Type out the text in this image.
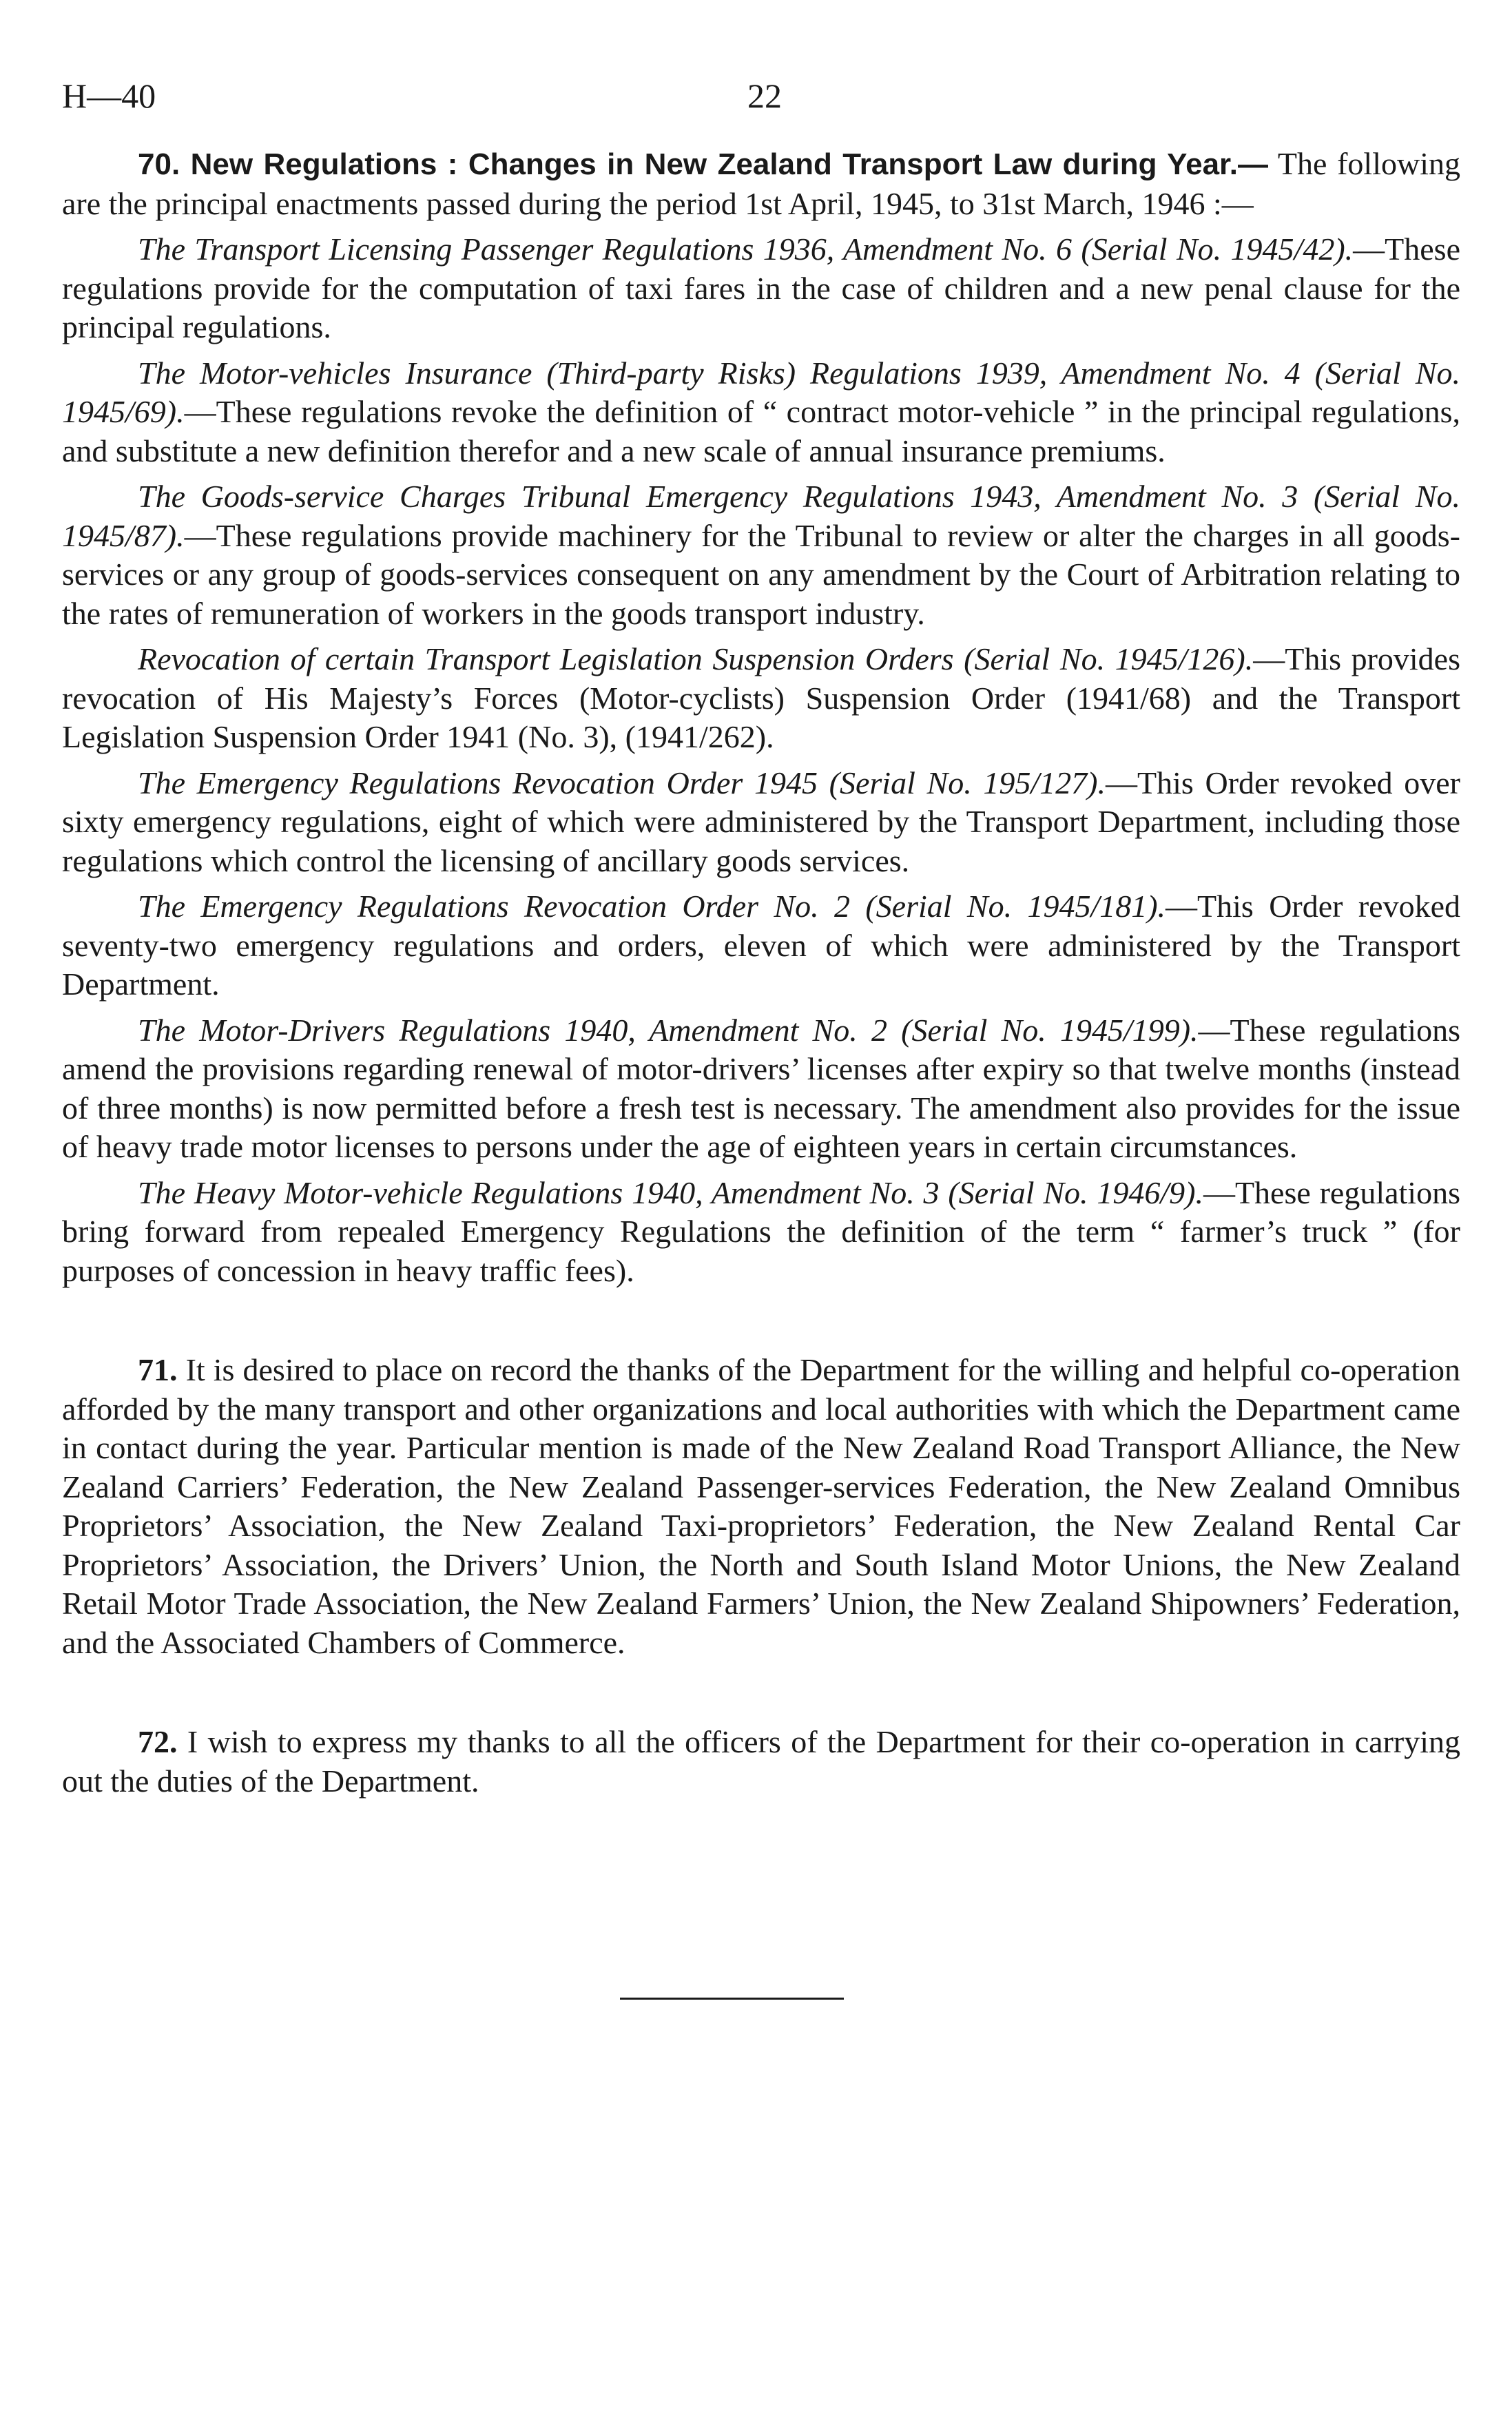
H—40	22

70. New Regulations : Changes in New Zealand Transport Law during Year.— The following are the principal enactments passed during the period 1st April, 1945, to 31st March, 1946 :—

The Transport Licensing Passenger Regulations 1936, Amendment No. 6 (Serial No. 1945/42).—These regulations provide for the computation of taxi fares in the case of children and a new penal clause for the principal regulations.

The Motor-vehicles Insurance (Third-party Risks) Regulations 1939, Amendment No. 4 (Serial No. 1945/69).—These regulations revoke the definition of “ contract motor-vehicle ” in the principal regulations, and substitute a new definition therefor and a new scale of annual insurance premiums.

The Goods-service Charges Tribunal Emergency Regulations 1943, Amendment No. 3 (Serial No. 1945/87).—These regulations provide machinery for the Tribunal to review or alter the charges in all goods-services or any group of goods-services consequent on any amendment by the Court of Arbitration relating to the rates of remuneration of workers in the goods transport industry.

Revocation of certain Transport Legislation Suspension Orders (Serial No. 1945/126).—This provides revocation of His Majesty’s Forces (Motor-cyclists) Suspension Order (1941/68) and the Transport Legislation Suspension Order 1941 (No. 3), (1941/262).

The Emergency Regulations Revocation Order 1945 (Serial No. 195/127).—This Order revoked over sixty emergency regulations, eight of which were administered by the Transport Department, including those regulations which control the licensing of ancillary goods services.

The Emergency Regulations Revocation Order No. 2 (Serial No. 1945/181).—This Order revoked seventy-two emergency regulations and orders, eleven of which were administered by the Transport Department.

The Motor-Drivers Regulations 1940, Amendment No. 2 (Serial No. 1945/199).—These regulations amend the provisions regarding renewal of motor-drivers’ licenses after expiry so that twelve months (instead of three months) is now permitted before a fresh test is necessary. The amendment also provides for the issue of heavy trade motor licenses to persons under the age of eighteen years in certain circumstances.

The Heavy Motor-vehicle Regulations 1940, Amendment No. 3 (Serial No. 1946/9).—These regulations bring forward from repealed Emergency Regulations the definition of the term “ farmer’s truck ” (for purposes of concession in heavy traffic fees).

71. It is desired to place on record the thanks of the Department for the willing and helpful co-operation afforded by the many transport and other organizations and local authorities with which the Department came in contact during the year. Particular mention is made of the New Zealand Road Transport Alliance, the New Zealand Carriers’ Federation, the New Zealand Passenger-services Federation, the New Zealand Omnibus Proprietors’ Association, the New Zealand Taxi-proprietors’ Federation, the New Zealand Rental Car Proprietors’ Association, the Drivers’ Union, the North and South Island Motor Unions, the New Zealand Retail Motor Trade Association, the New Zealand Farmers’ Union, the New Zealand Shipowners’ Federation, and the Associated Chambers of Commerce.

72. I wish to express my thanks to all the officers of the Department for their co-operation in carrying out the duties of the Department.
